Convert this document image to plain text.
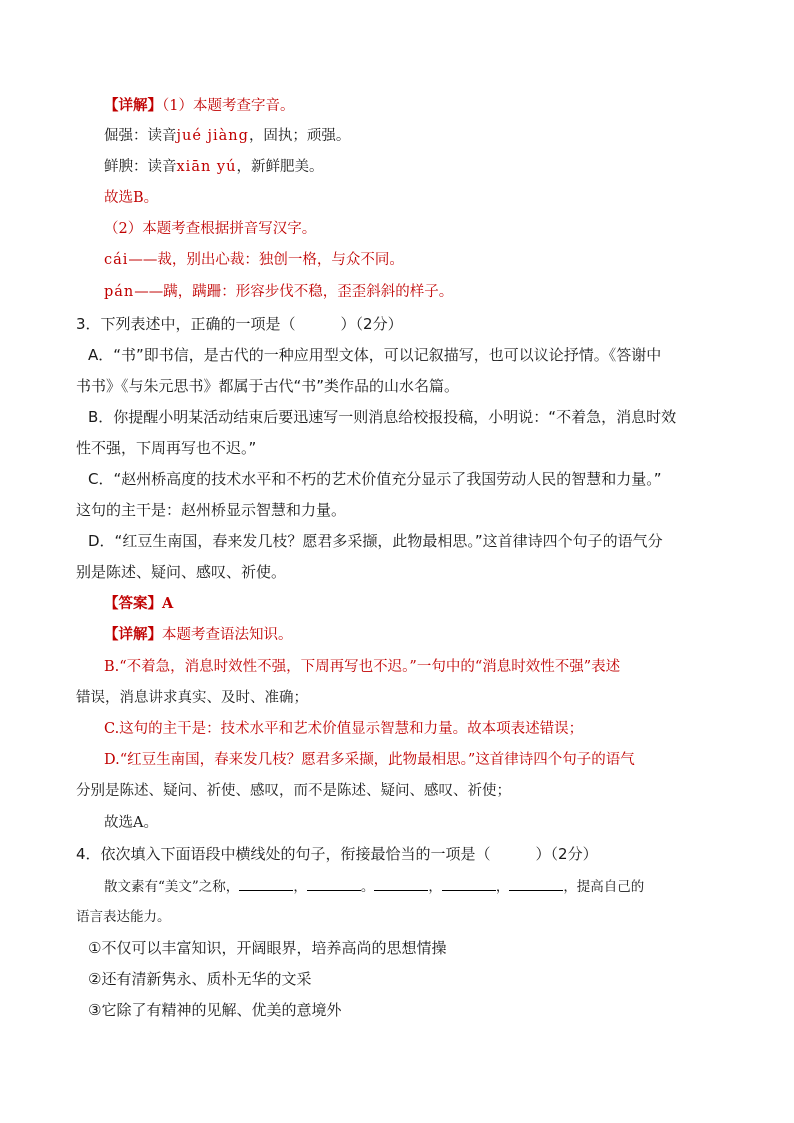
【详解】（1）本题考查字音。
倔强：读音jué jiàng，固执；顽强。
鲜腴：读音xiān yú，新鲜肥美。
故选B。
（2）本题考查根据拼音写汉字。
cái——裁，别出心裁：独创一格，与众不同。
pán——蹒，蹒跚：形容步伐不稳，歪歪斜斜的样子。
3．下列表述中，正确的一项是（　　　）（2分）
A．“书”即书信，是古代的一种应用型文体，可以记叙描写，也可以议论抒情。《答谢中
书书》《与朱元思书》都属于古代“书”类作品的山水名篇。
B．你提醒小明某活动结束后要迅速写一则消息给校报投稿，小明说：“不着急，消息时效
性不强，下周再写也不迟。”
C．“赵州桥高度的技术水平和不朽的艺术价值充分显示了我国劳动人民的智慧和力量。”
这句的主干是：赵州桥显示智慧和力量。
D．“红豆生南国，春来发几枝？愿君多采撷，此物最相思。”这首律诗四个句子的语气分
别是陈述、疑问、感叹、祈使。
【答案】A
【详解】本题考查语法知识。
B.“不着急，消息时效性不强，下周再写也不迟。”一句中的“消息时效性不强”表述
错误，消息讲求真实、及时、准确；
C.这句的主干是：技术水平和艺术价值显示智慧和力量。故本项表述错误；
D.“红豆生南国，春来发几枝？愿君多采撷，此物最相思。”这首律诗四个句子的语气
分别是陈述、疑问、祈使、感叹，而不是陈述、疑问、感叹、祈使；
故选A。
4．依次填入下面语段中横线处的句子，衔接最恰当的一项是（　　　）（2分）
散文素有“美文”之称，	，	。	，	，	，提高自己的
语言表达能力。
①不仅可以丰富知识，开阔眼界，培养高尚的思想情操
②还有清新隽永、质朴无华的文采
③它除了有精神的见解、优美的意境外
